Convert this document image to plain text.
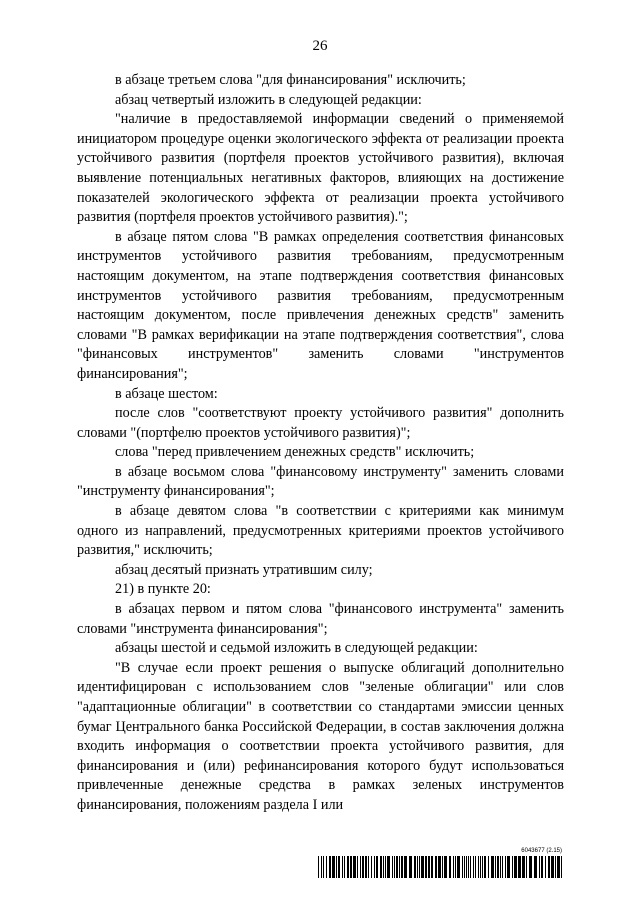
26

в абзаце третьем слова "для финансирования" исключить;

абзац четвертый изложить в следующей редакции:

"наличие в предоставляемой информации сведений о применяемой инициатором процедуре оценки экологического эффекта от реализации проекта устойчивого развития (портфеля проектов устойчивого развития), включая выявление потенциальных негативных факторов, влияющих на достижение показателей экологического эффекта от реализации проекта устойчивого развития (портфеля проектов устойчивого развития).";

в абзаце пятом слова "В рамках определения соответствия финансовых инструментов устойчивого развития требованиям, предусмотренным настоящим документом, на этапе подтверждения соответствия финансовых инструментов устойчивого развития требованиям, предусмотренным настоящим документом, после привлечения денежных средств" заменить словами "В рамках верификации на этапе подтверждения соответствия", слова "финансовых инструментов" заменить словами "инструментов финансирования";

в абзаце шестом:

после слов "соответствуют проекту устойчивого развития" дополнить словами "(портфелю проектов устойчивого развития)";

слова "перед привлечением денежных средств" исключить;

в абзаце восьмом слова "финансовому инструменту" заменить словами "инструменту финансирования";

в абзаце девятом слова "в соответствии с критериями как минимум одного из направлений, предусмотренных критериями проектов устойчивого развития," исключить;

абзац десятый признать утратившим силу;

21) в пункте 20:

в абзацах первом и пятом слова "финансового инструмента" заменить словами "инструмента финансирования";

абзацы шестой и седьмой изложить в следующей редакции:

"В случае если проект решения о выпуске облигаций дополнительно идентифицирован с использованием слов "зеленые облигации" или слов "адаптационные облигации" в соответствии со стандартами эмиссии ценных бумаг Центрального банка Российской Федерации, в состав заключения должна входить информация о соответствии проекта устойчивого развития, для финансирования и (или) рефинансирования которого будут использоваться привлеченные денежные средства в рамках зеленых инструментов финансирования, положениям раздела I или

6043677 (2.15)
